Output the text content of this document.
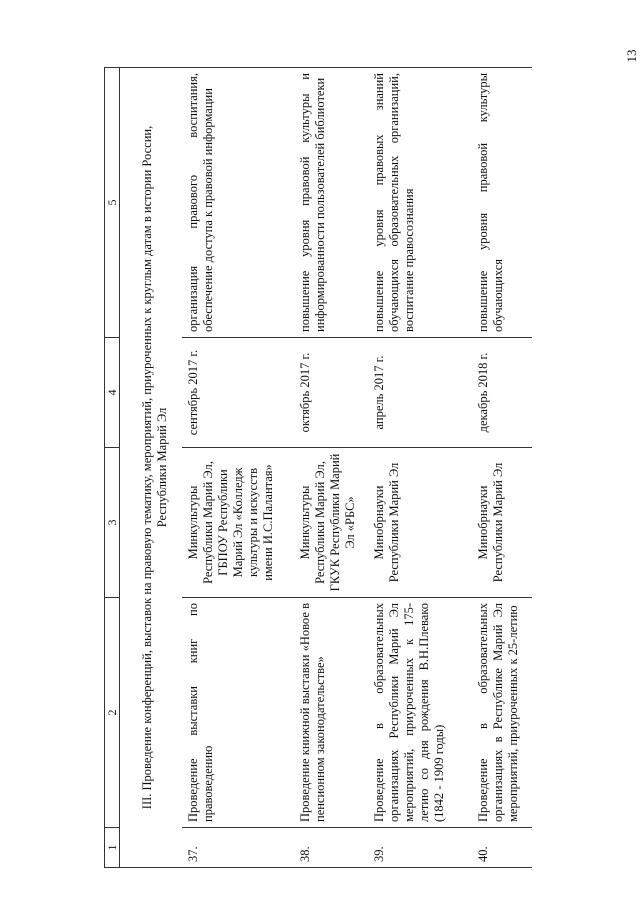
13
1	2	3	4	5
III. Проведение конференций, выставок на правовую тематику, мероприятий, приуроченных к круглым датам в истории России, Республики Марий Эл				
37.	Проведение выставки книг по правоведению	Минкультуры Республики Марий Эл, ГБПОУ Республики Марий Эл «Колледж культуры и искусств имени И.С.Палантая»	сентябрь 2017 г.	организация правового воспитания, обеспечение доступа к правовой информации
38.	Проведение книжной выставки «Новое в пенсионном законодательстве»	Минкультуры Республики Марий Эл, ГКУК Республики Марий Эл «РБС»	октябрь 2017 г.	повышение уровня правовой культуры и информированности пользователей библиотеки
39.	Проведение в образовательных организациях Республики Марий Эл мероприятий, приуроченных к 175-летию со дня рождения В.Н.Плевако (1842 - 1909 годы)	Минобрнауки Республики Марий Эл	апрель 2017 г.	повышение уровня правовых знаний обучающихся образовательных организаций, воспитание правосознания
40.	Проведение в образовательных организациях в Республике Марий Эл мероприятий, приуроченных к 25-летию	Минобрнауки Республики Марий Эл	декабрь 2018 г.	повышение уровня правовой культуры обучающихся
